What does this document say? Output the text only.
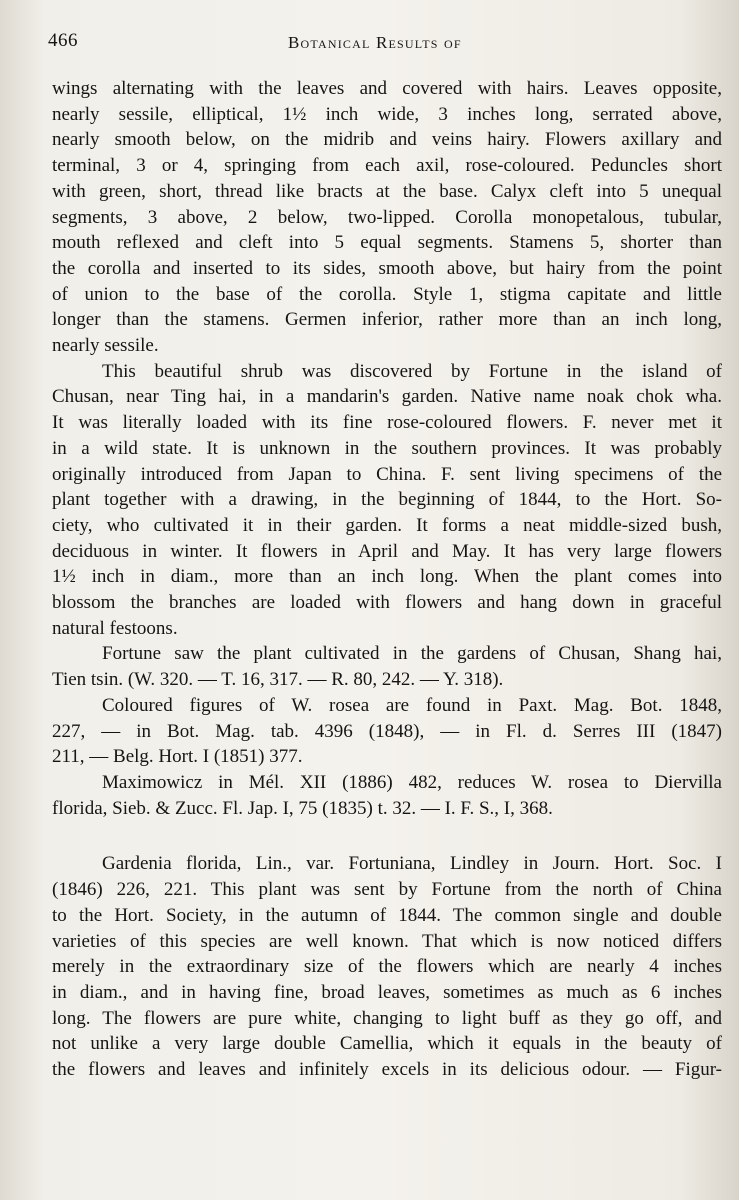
466	Botanical Results of
wings alternating with the leaves and covered with hairs. Leaves opposite,
nearly sessile, elliptical, 1½ inch wide, 3 inches long, serrated above,
nearly smooth below, on the midrib and veins hairy. Flowers axillary and
terminal, 3 or 4, springing from each axil, rose-coloured. Peduncles short
with green, short, thread like bracts at the base. Calyx cleft into 5 unequal
segments, 3 above, 2 below, two-lipped. Corolla monopetalous, tubular,
mouth reflexed and cleft into 5 equal segments. Stamens 5, shorter than
the corolla and inserted to its sides, smooth above, but hairy from the point
of union to the base of the corolla. Style 1, stigma capitate and little
longer than the stamens. Germen inferior, rather more than an inch long,
nearly sessile.
This beautiful shrub was discovered by Fortune in the island of
Chusan, near Ting hai, in a mandarin's garden. Native name noak chok wha.
It was literally loaded with its fine rose-coloured flowers. F. never met it
in a wild state. It is unknown in the southern provinces. It was probably
originally introduced from Japan to China. F. sent living specimens of the
plant together with a drawing, in the beginning of 1844, to the Hort. So-
ciety, who cultivated it in their garden. It forms a neat middle-sized bush,
deciduous in winter. It flowers in April and May. It has very large flowers
1½ inch in diam., more than an inch long. When the plant comes into
blossom the branches are loaded with flowers and hang down in graceful
natural festoons.
Fortune saw the plant cultivated in the gardens of Chusan, Shang hai,
Tien tsin. (W. 320. — T. 16, 317. — R. 80, 242. — Y. 318).
Coloured figures of W. rosea are found in Paxt. Mag. Bot. 1848,
227, — in Bot. Mag. tab. 4396 (1848), — in Fl. d. Serres III (1847)
211, — Belg. Hort. I (1851) 377.
Maximowicz in Mél. XII (1886) 482, reduces W. rosea to Diervilla
florida, Sieb. & Zucc. Fl. Jap. I, 75 (1835) t. 32. — I. F. S., I, 368.
Gardenia florida, Lin., var. Fortuniana, Lindley in Journ. Hort. Soc. I
(1846) 226, 221. This plant was sent by Fortune from the north of China
to the Hort. Society, in the autumn of 1844. The common single and double
varieties of this species are well known. That which is now noticed differs
merely in the extraordinary size of the flowers which are nearly 4 inches
in diam., and in having fine, broad leaves, sometimes as much as 6 inches
long. The flowers are pure white, changing to light buff as they go off, and
not unlike a very large double Camellia, which it equals in the beauty of
the flowers and leaves and infinitely excels in its delicious odour. — Figur-
